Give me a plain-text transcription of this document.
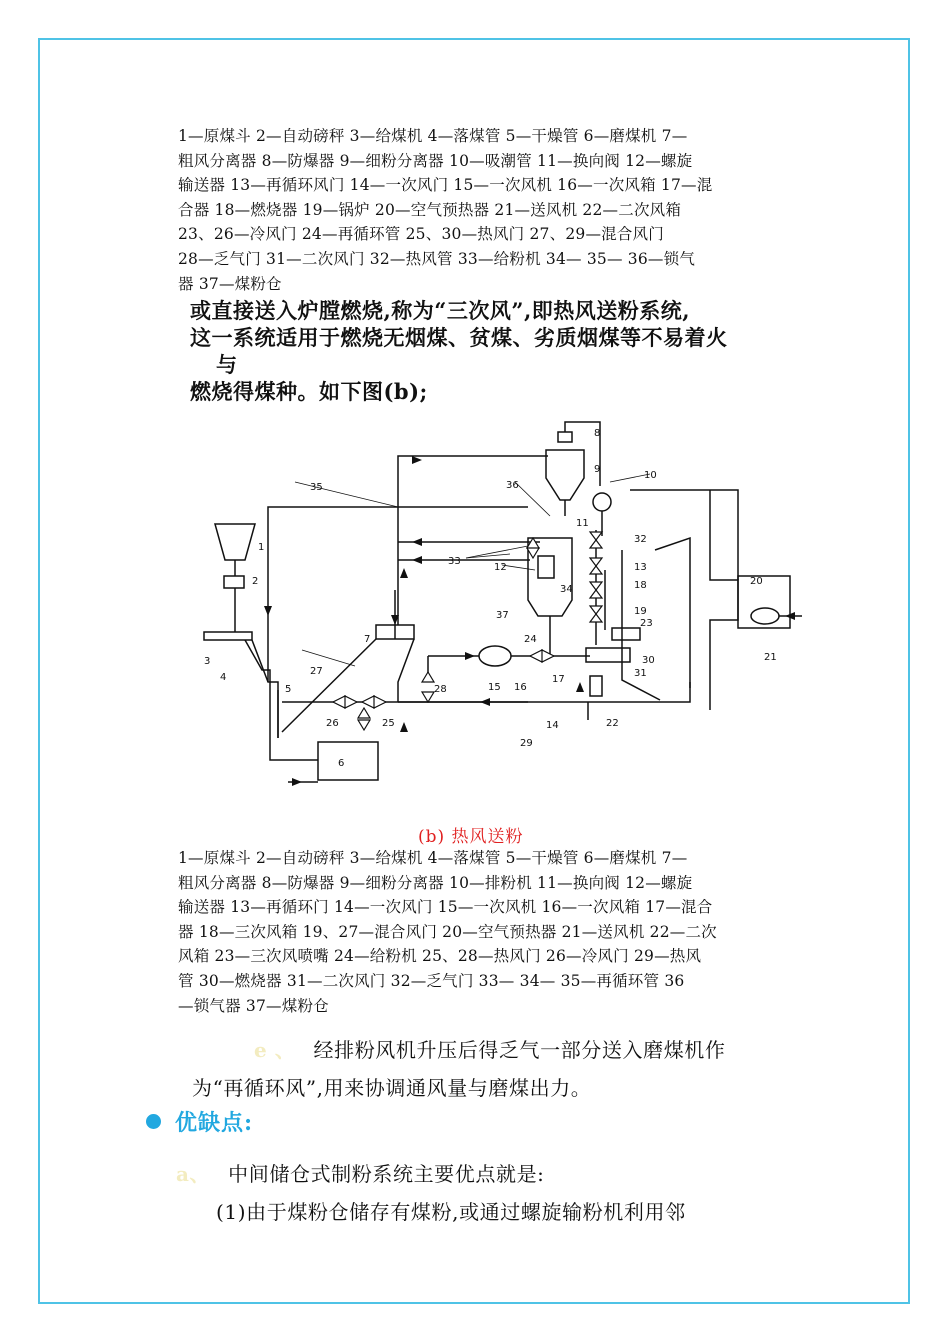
1—原煤斗 2—自动磅秤 3—给煤机 4—落煤管 5—干燥管 6—磨煤机 7—

粗风分离器 8—防爆器 9—细粉分离器 10—吸潮管 11—换向阀 12—螺旋

输送器 13—再循环风门 14—一次风门 15—一次风机 16—一次风箱 17—混

合器 18—燃烧器 19—锅炉 20—空气预热器 21—送风机 22—二次风箱

23、26—冷风门 24—再循环管 25、30—热风门 27、29—混合风门

28—乏气门 31—二次风门 32—热风管 33—给粉机 34— 35— 36—锁气

器 37—煤粉仓

或直接送入炉膛燃烧,称为“三次风”,即热风送粉系统,

这一系统适用于燃烧无烟煤、贫煤、劣质烟煤等不易着火

与

燃烧得煤种。如下图(b);

1
2
3
4
5
6
7
8
9
10
11
12	13
14
15 16
17
18
19
20
21
22
23
24
25
26
27
28
29
30
31
32
33
34
35	36
37
(b) 热风送粉

1—原煤斗 2—自动磅秤 3—给煤机 4—落煤管 5—干燥管 6—磨煤机 7—

粗风分离器 8—防爆器 9—细粉分离器 10—排粉机 11—换向阀 12—螺旋

输送器 13—再循环门 14—一次风门 15—一次风机 16—一次风箱 17—混合

器 18—三次风箱 19、27—混合风门 20—空气预热器 21—送风机 22—二次

风箱 23—三次风喷嘴 24—给粉机 25、28—热风门 26—冷风门 29—热风

管 30—燃烧器 31—二次风门 32—乏气门 33— 34— 35—再循环管 36

—锁气器 37—煤粉仓

e 、 经排粉风机升压后得乏气一部分送入磨煤机作
为“再循环风”,用来协调通风量与磨煤出力。
优缺点:
a、 中间储仓式制粉系统主要优点就是:
(1)由于煤粉仓储存有煤粉,或通过螺旋输粉机利用邻
